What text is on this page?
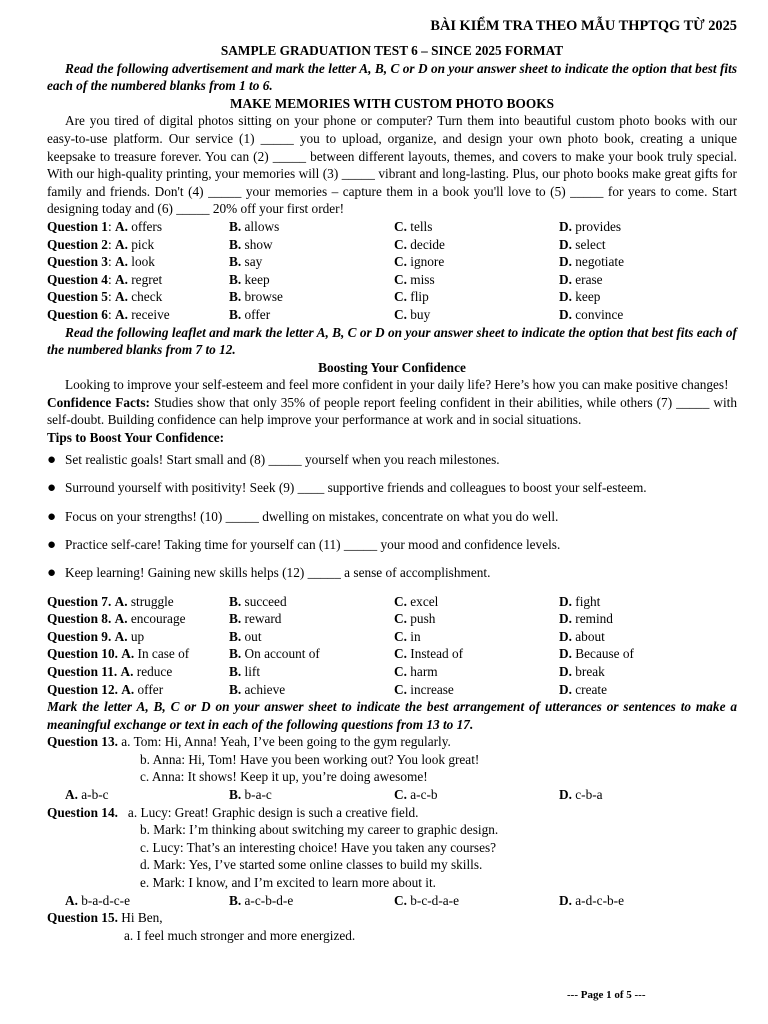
BÀI KIỂM TRA THEO MẪU THPTQG TỪ 2025

SAMPLE GRADUATION TEST 6 – SINCE 2025 FORMAT

Read the following advertisement and mark the letter A, B, C or D on your answer sheet to indicate the option that best fits each of the numbered blanks from 1 to 6.

MAKE MEMORIES WITH CUSTOM PHOTO BOOKS

Are you tired of digital photos sitting on your phone or computer? Turn them into beautiful custom photo books with our easy-to-use platform. Our service (1) _____ you to upload, organize, and design your own photo book, creating a unique keepsake to treasure forever. You can (2) _____ between different layouts, themes, and covers to make your book truly special. With our high-quality printing, your memories will (3) _____ vibrant and long-lasting. Plus, our photo books make great gifts for family and friends. Don't (4) _____ your memories – capture them in a book you'll love to (5) _____ for years to come. Start designing today and (6) _____ 20% off your first order!

Question 1: A. offers	B. allows	C. tells	D. provides
Question 2: A. pick	B. show	C. decide	D. select
Question 3: A. look	B. say	C. ignore	D. negotiate
Question 4: A. regret	B. keep	C. miss	D. erase
Question 5: A. check	B. browse	C. flip	D. keep
Question 6: A. receive	B. offer	C. buy	D. convince

Read the following leaflet and mark the letter A, B, C or D on your answer sheet to indicate the option that best fits each of the numbered blanks from 7 to 12.

Boosting Your Confidence

Looking to improve your self-esteem and feel more confident in your daily life? Here’s how you can make positive changes!

Confidence Facts: Studies show that only 35% of people report feeling confident in their abilities, while others (7) _____ with self-doubt. Building confidence can help improve your performance at work and in social situations.

Tips to Boost Your Confidence:

● Set realistic goals! Start small and (8) _____ yourself when you reach milestones.
● Surround yourself with positivity! Seek (9) ____ supportive friends and colleagues to boost your self-esteem.
● Focus on your strengths! (10) _____ dwelling on mistakes, concentrate on what you do well.
● Practice self-care! Taking time for yourself can (11) _____ your mood and confidence levels.
● Keep learning! Gaining new skills helps (12) _____ a sense of accomplishment.
Question 7. A. struggle	B. succeed	C. excel	D. fight
Question 8. A. encourage	B. reward	C. push	D. remind
Question 9. A. up	B. out	C. in	D. about
Question 10. A. In case of	B. On account of	C. Instead of	D. Because of
Question 11. A. reduce	B. lift	C. harm	D. break
Question 12. A. offer	B. achieve	C. increase	D. create

Mark the letter A, B, C or D on your answer sheet to indicate the best arrangement of utterances or sentences to make a meaningful exchange or text in each of the following questions from 13 to 17.

Question 13. a. Tom: Hi, Anna! Yeah, I’ve been going to the gym regularly.

b. Anna: Hi, Tom! Have you been working out? You look great!

c. Anna: It shows! Keep it up, you’re doing awesome!

A. a-b-c	B. b-a-c	C. a-c-b	D. c-b-a

Question 14. a. Lucy: Great! Graphic design is such a creative field.

b. Mark: I’m thinking about switching my career to graphic design.

c. Lucy: That’s an interesting choice! Have you taken any courses?

d. Mark: Yes, I’ve started some online classes to build my skills.

e. Mark: I know, and I’m excited to learn more about it.

A. b-a-d-c-e	B. a-c-b-d-e	C. b-c-d-a-e	D. a-d-c-b-e

Question 15. Hi Ben,

a. I feel much stronger and more energized.

--- Page 1 of 5 ---
